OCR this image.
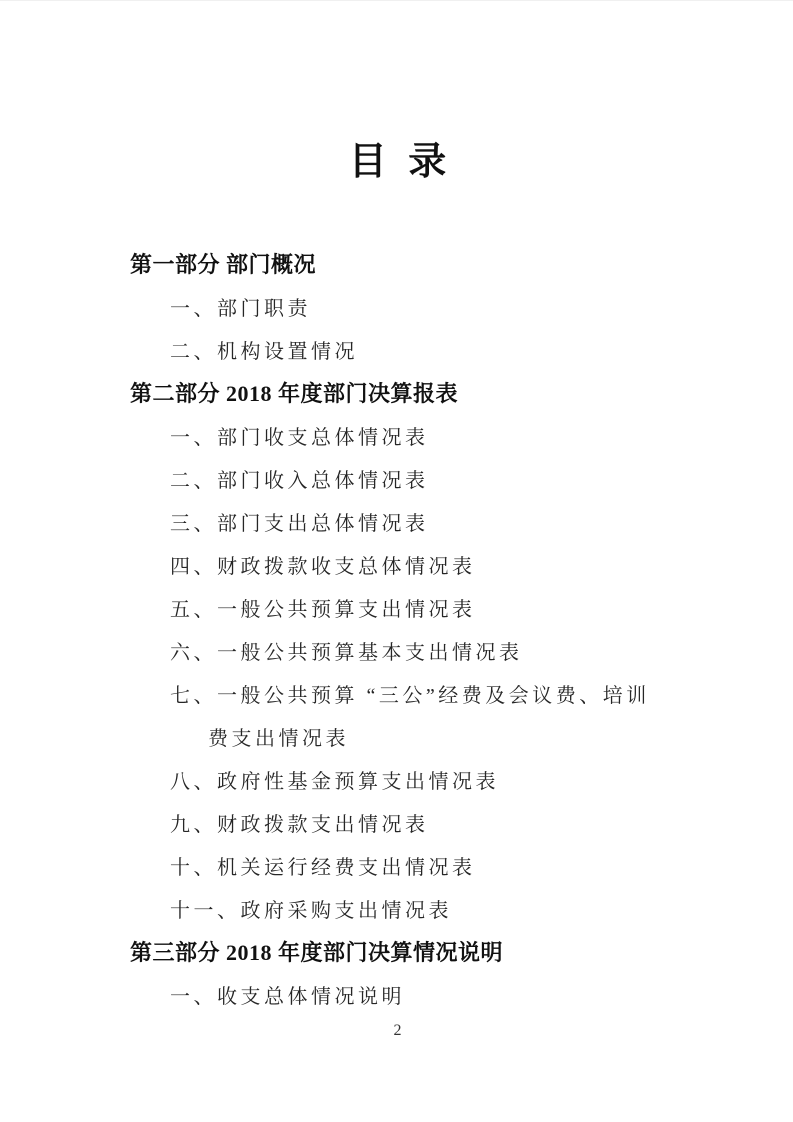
目 录
第一部分 部门概况
一、部门职责
二、机构设置情况
第二部分 2018 年度部门决算报表
一、部门收支总体情况表
二、部门收入总体情况表
三、部门支出总体情况表
四、财政拨款收支总体情况表
五、一般公共预算支出情况表
六、一般公共预算基本支出情况表
七、一般公共预算 “三公”经费及会议费、培训
费支出情况表
八、政府性基金预算支出情况表
九、财政拨款支出情况表
十、机关运行经费支出情况表
十一、政府采购支出情况表
第三部分 2018 年度部门决算情况说明
一、收支总体情况说明
2
